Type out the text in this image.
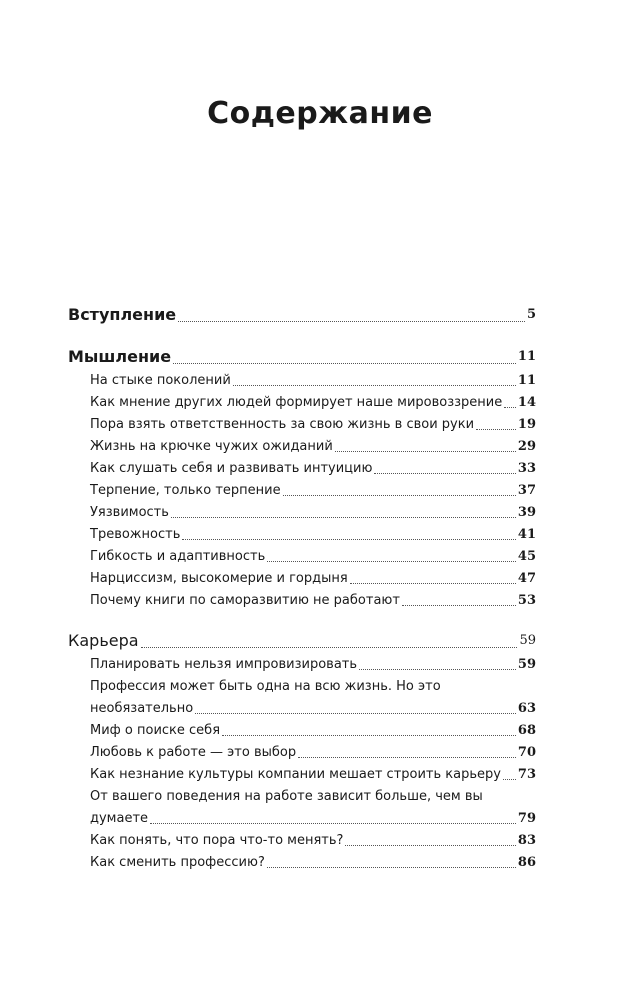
Содержание
Вступление	5
Мышление	11
На стыке поколений	11
Как мнение других людей формирует наше мировоззрение 14
Пора взять ответственность за свою жизнь в свои руки	19
Жизнь на крючке чужих ожиданий	29
Как слушать себя и развивать интуицию	33
Терпение, только терпение	37
Уязвимость	39
Тревожность	41
Гибкость и адаптивность	45
Нарциссизм, высокомерие и гордыня	47
Почему книги по саморазвитию не работают	53
Карьера	59
Планировать нельзя импровизировать	59
Профессия может быть одна на всю жизнь. Но это
необязательно	63
Миф о поиске себя	68
Любовь к работе — это выбор	70
Как незнание культуры компании мешает строить карьеру 73
От вашего поведения на работе зависит больше, чем вы
думаете	79
Как понять, что пора что-то менять?	83
Как сменить профессию?	86
